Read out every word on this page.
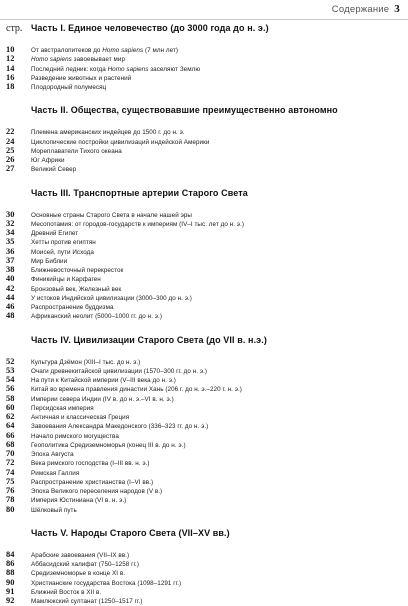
Содержание 3
стр. Часть I. Единое человечество (до 3000 года до н. э.)
10	От австралопитеков до Homo sapiens (7 млн лет)
12	Homo sapiens завоевывает мир
14	Последний ледник: когда Homo sapiens заселяют Землю
16	Разведение животных и растений
18	Плодородный полумесяц
Часть II. Общества, существовавшие преимущественно автономно
22	Племена американских индейцев до 1500 г. до н. э.
24	Циклопические постройки цивилизаций индейской Америки
25	Мореплаватели Тихого океана
26	Юг Африки
27	Великий Север
Часть III. Транспортные артерии Старого Света
30	Основные страны Старого Света в начале нашей эры
32	Месопотамия: от городов-государств к империям (IV–I тыс. лет до н. э.)
34	Древний Египет
35	Хетты против египтян
36	Моисей, пути Исхода
37	Мир Библии
38	Ближневосточный перекресток
40	Финикийцы и Карфаген
42	Бронзовый век, Железный век
44	У истоков Индийской цивилизации (3000–300 до н. э.)
46	Распространение буддизма
48	Африканский неолит (5000–1000 гг. до н. э.)
Часть IV. Цивилизации Старого Света (до VII в. н.э.)
52	Культура Дзёмон (XIII–I тыс. до н. э.)
53	Очаги древнекитайской цивилизации (1570–300 гг. до н. э.)
54	На пути к Китайской империи (V–III века до н. э.)
56	Китай во времена правления династии Хань (206 г. до н. э.–220 г. н. э.)
58	Империи севера Индии (IV в. до н. э.–VI в. н. э.)
60	Персидская империя
62	Античная и классическая Греция
64	Завоевания Александра Македонского (336–323 гг. до н. э.)
66	Начало римского могущества
68	Геополитика Средиземноморья (конец III в. до н. э.)
70	Эпоха Августа
72	Века римского господства (I–III вв. н. э.)
74	Римская Галлия
75	Распространение христианства (I–VI вв.)
76	Эпоха Великого переселения народов (V в.)
78	Империя Юстиниана (VI в. н. э.)
80	Шёлковый путь
Часть V. Народы Старого Света (VII–XV вв.)
84	Арабские завоевания (VII–IX вв.)
86	Аббасидский халифат (750–1258 гг.)
88	Средиземноморье в конце XI в.
90	Христианские государства Востока (1098–1291 гг.)
91	Ближний Восток в XII в.
92	Мамлюкский султанат (1250–1517 гг.)
